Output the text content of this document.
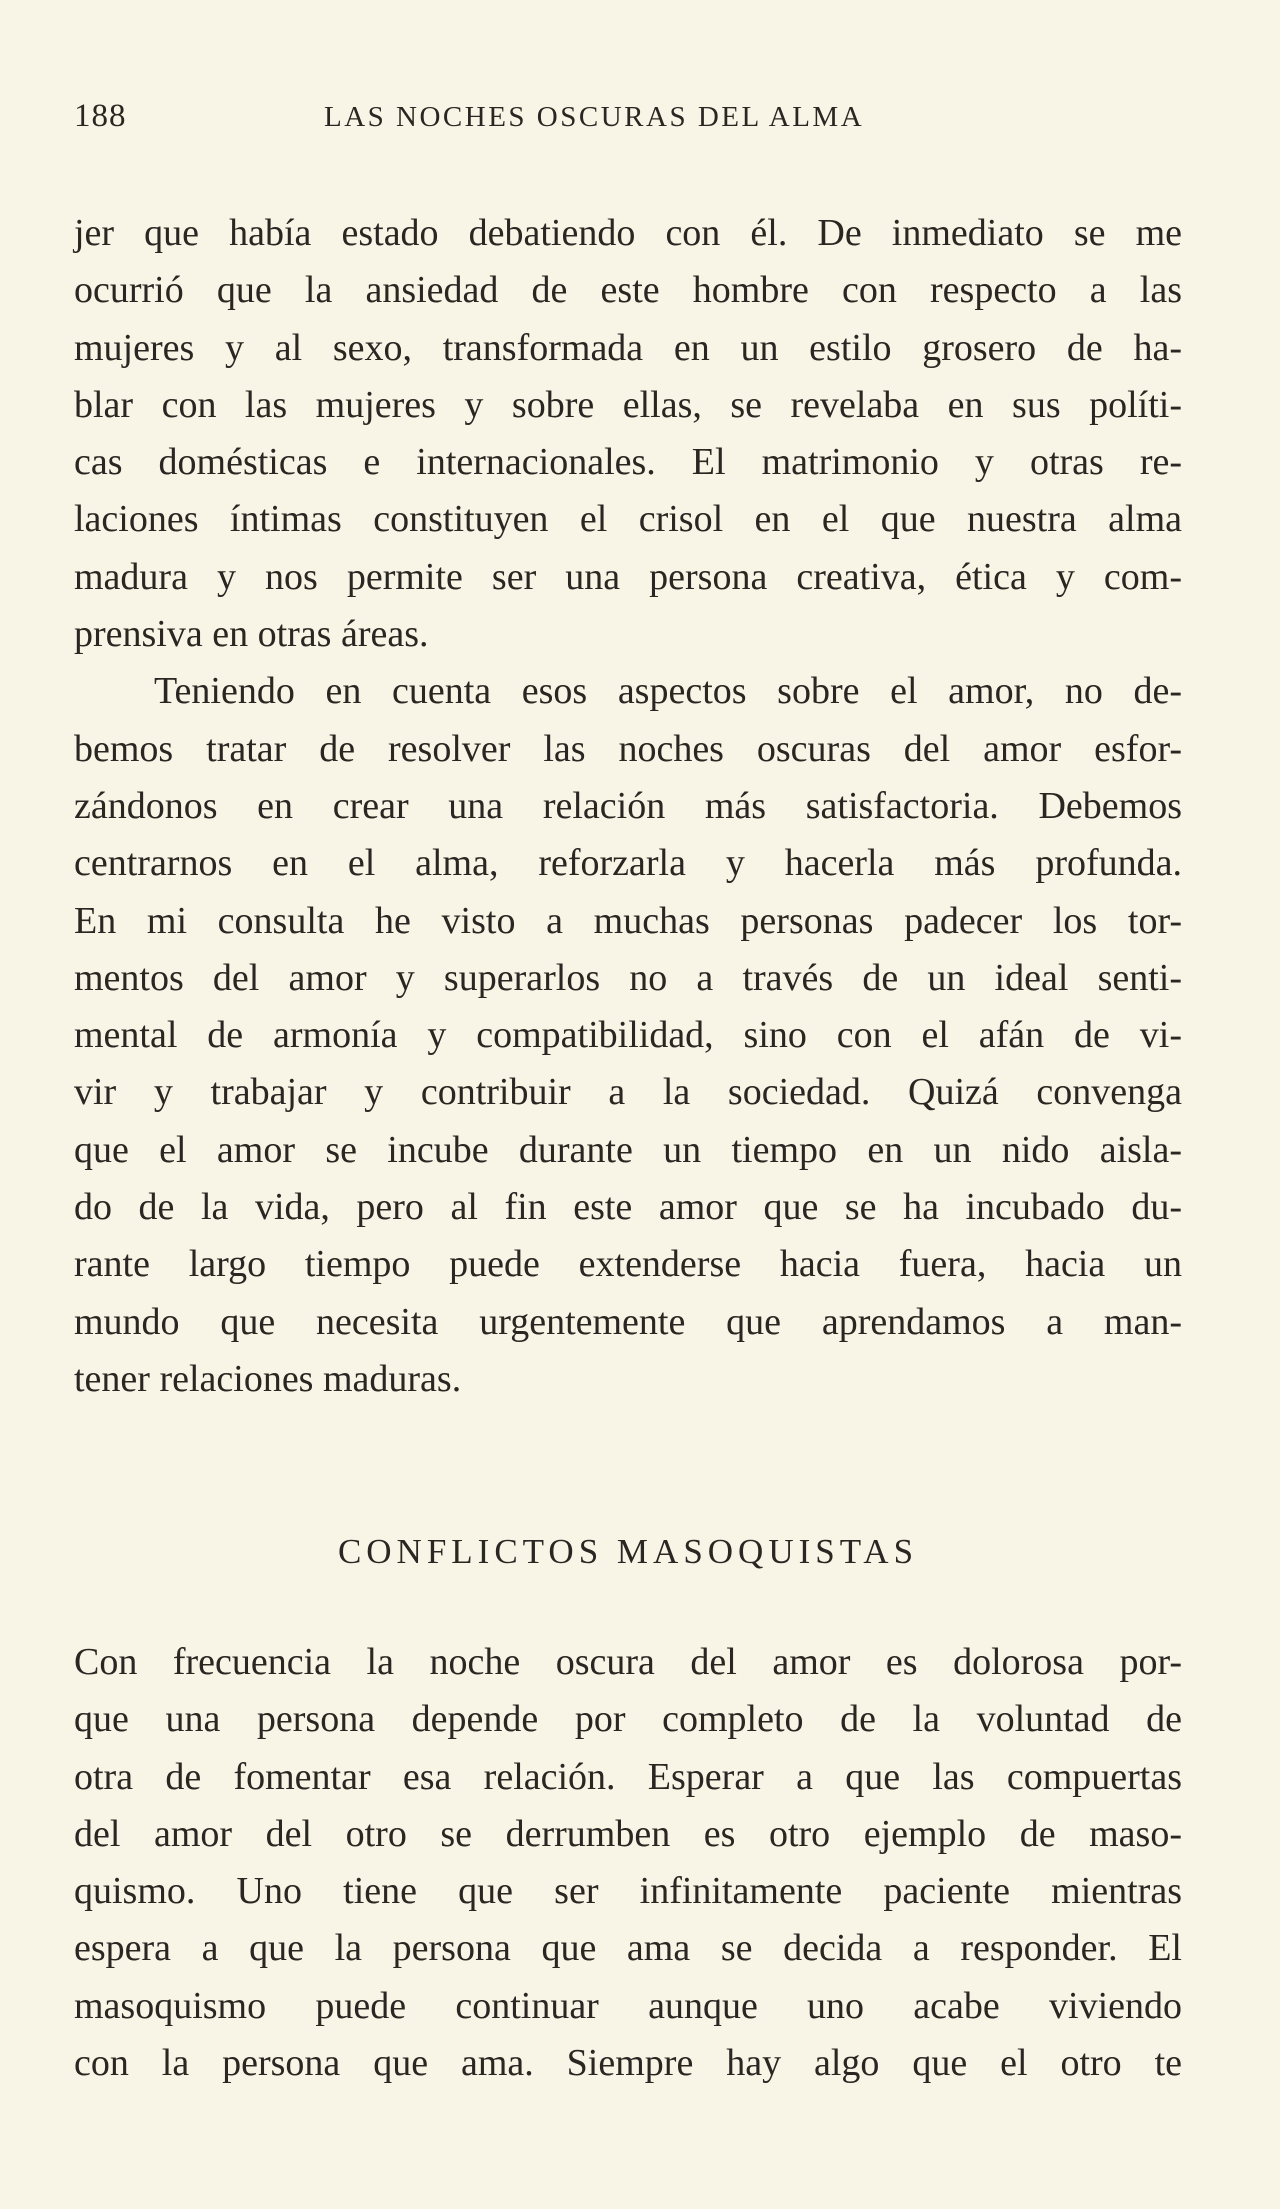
188	LAS NOCHES OSCURAS DEL ALMA
jer que había estado debatiendo con él. De inmediato se me
ocurrió que la ansiedad de este hombre con respecto a las
mujeres y al sexo, transformada en un estilo grosero de ha-
blar con las mujeres y sobre ellas, se revelaba en sus políti-
cas domésticas e internacionales. El matrimonio y otras re-
laciones íntimas constituyen el crisol en el que nuestra alma
madura y nos permite ser una persona creativa, ética y com-
prensiva en otras áreas.
Teniendo en cuenta esos aspectos sobre el amor, no de-
bemos tratar de resolver las noches oscuras del amor esfor-
zándonos en crear una relación más satisfactoria. Debemos
centrarnos en el alma, reforzarla y hacerla más profunda.
En mi consulta he visto a muchas personas padecer los tor-
mentos del amor y superarlos no a través de un ideal senti-
mental de armonía y compatibilidad, sino con el afán de vi-
vir y trabajar y contribuir a la sociedad. Quizá convenga
que el amor se incube durante un tiempo en un nido aisla-
do de la vida, pero al fin este amor que se ha incubado du-
rante largo tiempo puede extenderse hacia fuera, hacia un
mundo que necesita urgentemente que aprendamos a man-
tener relaciones maduras.
CONFLICTOS MASOQUISTAS
Con frecuencia la noche oscura del amor es dolorosa por-
que una persona depende por completo de la voluntad de
otra de fomentar esa relación. Esperar a que las compuertas
del amor del otro se derrumben es otro ejemplo de maso-
quismo. Uno tiene que ser infinitamente paciente mientras
espera a que la persona que ama se decida a responder. El
masoquismo puede continuar aunque uno acabe viviendo
con la persona que ama. Siempre hay algo que el otro te
